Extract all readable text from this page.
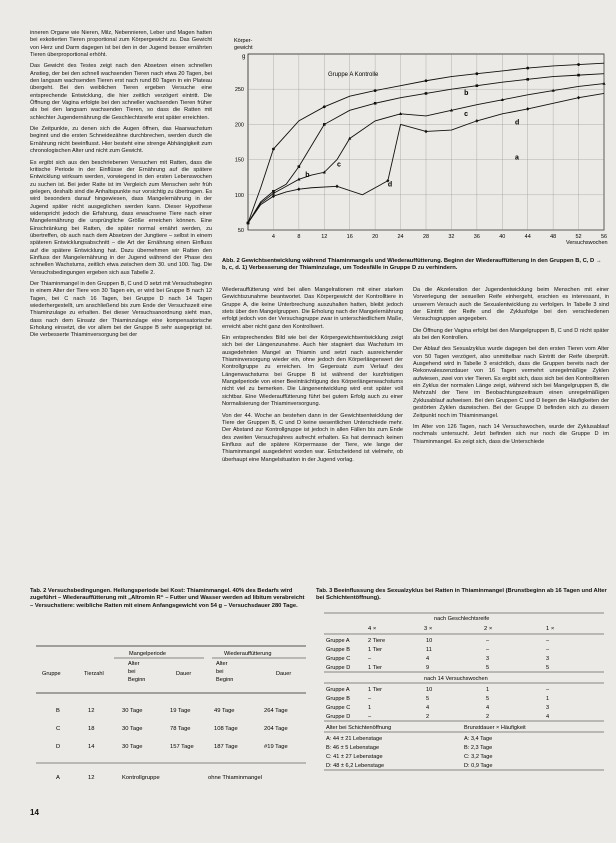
inneren Organe wie Nieren, Milz, Nebennieren, Leber und Magen hatten bei exkotierten Tieren proportional zum Körpergewicht zu. Das Gewicht von Herz und Darm dagegen ist bei den in der Jugend besser ernährten Tieren überproportional erhöht.

Das Gewicht des Testes zeigt nach den Absetzen einen schnellen Anstieg, der bei den schnell wachsenden Tieren nach etwa 20 Tagen, bei den langsam wachsenden Tieren erst nach rund 80 Tagen in ein Plateau übergeht. Bei den weiblichen Tieren ergeben Versuche eine entsprechende Entwicklung, die hier zeitlich verzögert eintritt. Die Öffnung der Vagina erfolgte bei den schneller wachsenden Tieren früher als bei den langsam wachsenden Tieren, so dass die Ratten mit schlechter Jugendernährung die Geschlechtsreife erst später erreichten.

Die Zeitpunkte, zu denen sich die Augen öffnen, das Haarwachstum beginnt und die ersten Schneidezähne durchbrechen, werden durch die Ernährung nicht beeinflusst. Hier besteht eine strenge Abhängigkeit zum chronologischen Alter und nicht zum Gewicht.

Es ergibt sich aus den beschriebenen Versuchen mit Ratten, dass die kritische Periode in der Einflüsse der Ernährung auf die spätere Entwicklung wirksam werden, vorwiegend in den ersten Lebenswochen zu suchen ist. Bei jeder Ratte ist im Vergleich zum Menschen sehr früh gelegen, deshalb sind die Anhaltspunkte nur vorsichtig zu übertragen. Es wird besonders darauf hingewiesen, dass Mangelernährung in der Jugend später nicht ausgeglichen werden kann. Dieser Hypothese widerspricht jedoch die Erfahrung, dass erwachsene Tiere nach einer Mangelernährung die ursprüngliche Größe erreichen können. Eine Einschränkung bei Ratten, die später normal ernährt werden, zu übertreffen, ob auch nach dem Absetzen der Jungtiere – selbst in einem späteren Entwicklungsabschnitt – die Art der Ernährung einen Einfluss auf die spätere Entwicklung hat. Dazu übernehmen wir Ratten den Einfluss der Mangelernährung in der Jugend während der Phase des schnellen Wachstums, zeitlich etwa zwischen dem 30. und 100. Tag. Die Versuchsbedingungen ergeben sich aus Tabelle 2.

Der Thiaminmangel in den Gruppen B, C und D setzt mit Versuchsbeginn in einem Alter der Tiere von 30 Tagen ein, er wird bei Gruppe B nach 12 Tagen, bei C nach 16 Tagen, bei Gruppe D nach 14 Tagen wiederhergestellt, um anschließend bis zum Ende der Versuchszeit eine Thiaminzulage zu erhalten. Bei dieser Versuchsanordnung sieht man, dass nach dem Einsatz der Thiaminzulage eine kompensatorische Erholung einsetzt, die vor allem bei der Gruppe B sehr ausgeprägt ist. Die verbesserte Thiaminversorgung bei der

Körper-
gewicht
g
Versuchswochen
Gruppe A Kontrolle
50
100
150
200
250
4	8	12	16	20	24	28	32	36	40	44	48	52	56
b
c
d
b
c
d
a
Abb. 2 Gewichtsentwicklung während Thiaminmangels und Wiederauffütterung. Beginn der Wiederauffütterung in den Gruppen B, C, D → b, c, d. 1) Verbesserung der Thiaminzulage, um Todesfälle in Gruppe D zu verhindern.

Wiederauffütterung wird bei allen Mangelrationen mit einer starken Gewichtszunahme beantwortet. Das Körpergewicht der Kontrolltiere in Gruppe A, die keine Unterbrechung auszuhalten hatten, bleibt jedoch stets über den Mangelgruppen. Die Erholung nach der Mangelernährung erfolgt jedoch von der Versuchsgruppe zwar in unterschiedlichem Maße, erreicht aber nicht ganz den Kontrollwert.

Ein entsprechendes Bild wie bei der Körpergewichtsentwicklung zeigt sich bei der Längenzunahme. Auch hier stagniert das Wachstum im ausgedehnten Mangel an Thiamin und setzt nach ausreichender Thiaminversorgung wieder ein, ohne jedoch den Körperlängenwert der Kontrollgruppe zu erreichen. Im Gegensatz zum Verlauf des Längenwachstums bei Gruppe B ist während der kurzfristigen Mangelperiode von einer Beeinträchtigung des Körperlängenwachstums nicht viel zu bemerken. Die Längenentwicklung wird erst später voll sichtbar. Eine Wiederauffütterung führt bei gutem Erfolg auch zu einer Normalisierung der Thiaminversorgung.

Von der 44. Woche an bestehen dann in der Gewichtsentwicklung der Tiere der Gruppen B, C und D keine wesentlichen Unterschiede mehr. Der Abstand zur Kontrollgruppe ist jedoch in allen Fällen bis zum Ende des zweiten Versuchsjahres aufrecht erhalten. Es hat demnach keinen Einfluss auf die spätere Körpermasse der Tiere, wie lange der Thiaminmangel ausgedehnt worden war. Entscheidend ist vielmehr, ob überhaupt eine Mangelsituation in der Jugend vorlag.

Da die Akzeleration der Jugendentwicklung beim Menschen mit einer Vorverlegung der sexuellen Reife einhergeht, erschien es interessant, in unserem Versuch auch die Sexualentwicklung zu verfolgen. In Tabelle 3 sind der Eintritt der Reife und die Zyklusfolge bei den verschiedenen Versuchsgruppen angegeben.

Die Öffnung der Vagina erfolgt bei den Mangelgruppen B, C und D nicht später als bei den Kontrollen.

Der Ablauf des Sexualzyklus wurde dagegen bei den ersten Tieren vom Alter von 50 Tagen verzögert, also unmittelbar nach Eintritt der Reife überprüft. Ausgehend wird in Tabelle 3 ersichtlich, dass die Gruppen bereits nach der Rekonvaleszenzdauer von 16 Tagen vermehrt unregelmäßige Zyklen aufwiesen, zwei von vier Tieren. Es ergibt sich, dass sich bei den Kontrolltieren ein Zyklus der normalen Länge zeigt, während sich bei Mangelgruppen B, die Mehrzahl der Tiere im Beobachtungszeitraum einen unregelmäßigen Zyklusablauf aufweisen. Bei den Gruppen C und D liegen die Häufigkeiten der gestörten Zyklen dazwischen. Bei der Gruppe D befinden sich zu diesem Zeitpunkt noch im Thiaminmangel.

Im Alter von 126 Tagen, nach 14 Versuchswochen, wurde der Zyklusablauf nochmals untersucht. Jetzt befinden sich nur noch die Gruppe D im Thiaminmangel. Es zeigt sich, dass die Unterschiede

Tab. 2 Versuchsbedingungen. Heilungsperiode bei Kost: Thiaminmangel. 40% des Bedarfs wird zugeführt – Wiederauffütterung mit „Altromin R“ – Futter und Wasser werden ad libitum verabreicht – Versuchstiere: weibliche Ratten mit einem Anfangsgewicht von 54 g – Versuchsdauer 280 Tage.
Mangelperiode	Wiederauffütterung
Alter
bei
Beginn
Gruppe	Tierzahl	Dauer
Alter
bei
Beginn
Dauer
B	12	30 Tage	19 Tage	49 Tage	264 Tage
C	18	30 Tage	78 Tage	108 Tage	204 Tage
D	14	30 Tage	157 Tage	187 Tage	#19 Tage
A	12	Kontrollgruppe	ohne Thiaminmangel
Tab. 3 Beeinflussung des Sexualzyklus bei Ratten in Thiaminmangel (Brunstbeginn ab 16 Tagen und Alter bei Schichtentöffnung).
nach Geschlechtsreife
4 ×	3 ×	2 ×	1 ×
Gruppe A	2 Tiere	10	–	–
Gruppe B	1 Tier	11	–	–
Gruppe C	–	4	3	3
Gruppe D	1 Tier	9	5	5
nach 14 Versuchswochen
Gruppe A	1 Tier	10	1	–
Gruppe B	–	5	5	1
Gruppe C	1	4	4	3
Gruppe D	–	2	2	4
Alter bei Schichtenöffnung	Brunstdauer × Häufigkeit
A: 44 ± 21 Lebenstage	A: 3,4 Tage
B: 46 ± 5 Lebenstage	B: 2,3 Tage
C: 41 ± 27 Lebenstage	C: 3,2 Tage
D: 48 ± 6,2 Lebenstage	D: 0,9 Tage
14
